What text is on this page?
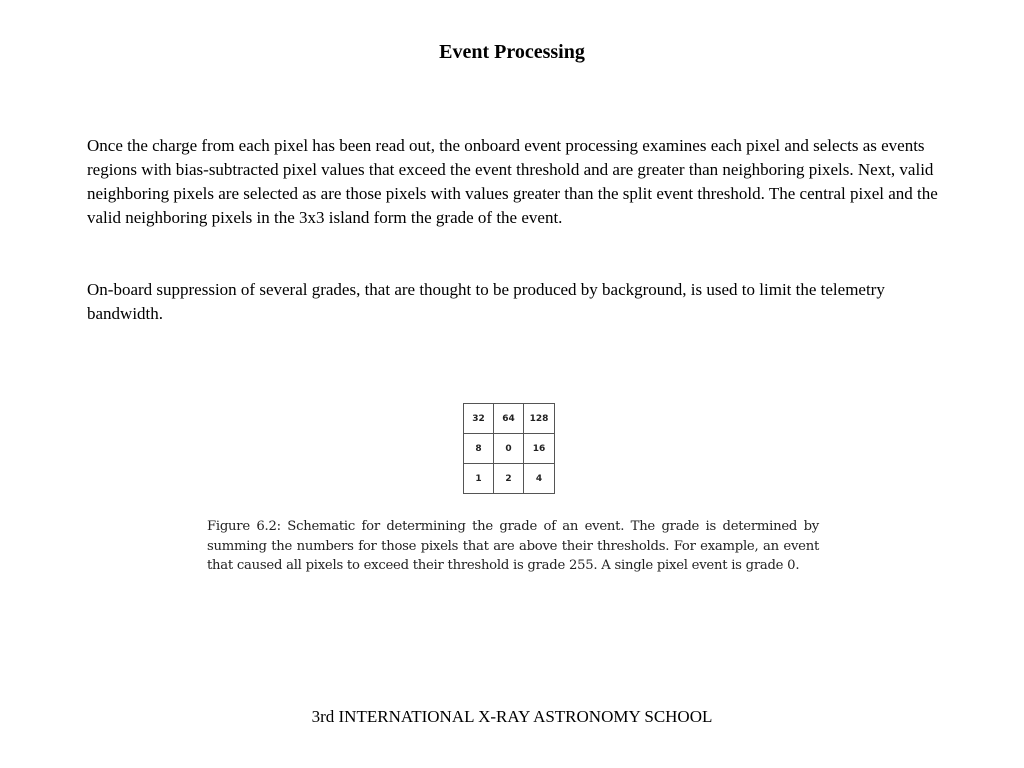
Event Processing
Once the charge from each pixel has been read out, the onboard event processing examines each pixel and selects as events regions with bias-subtracted pixel values that exceed the event threshold and are greater than neighboring pixels. Next, valid neighboring pixels are selected as are those pixels with values greater than the split event threshold. The central pixel and the valid neighboring pixels in the 3x3 island form the grade of the event.
On-board suppression of several grades, that are thought to be produced by background, is used to limit the telemetry bandwidth.
32	64	128
8	0	16
1	2	4
Figure 6.2: Schematic for determining the grade of an event. The grade is determined by summing the numbers for those pixels that are above their thresholds. For example, an event that caused all pixels to exceed their threshold is grade 255. A single pixel event is grade 0.
3rd INTERNATIONAL X-RAY ASTRONOMY SCHOOL
